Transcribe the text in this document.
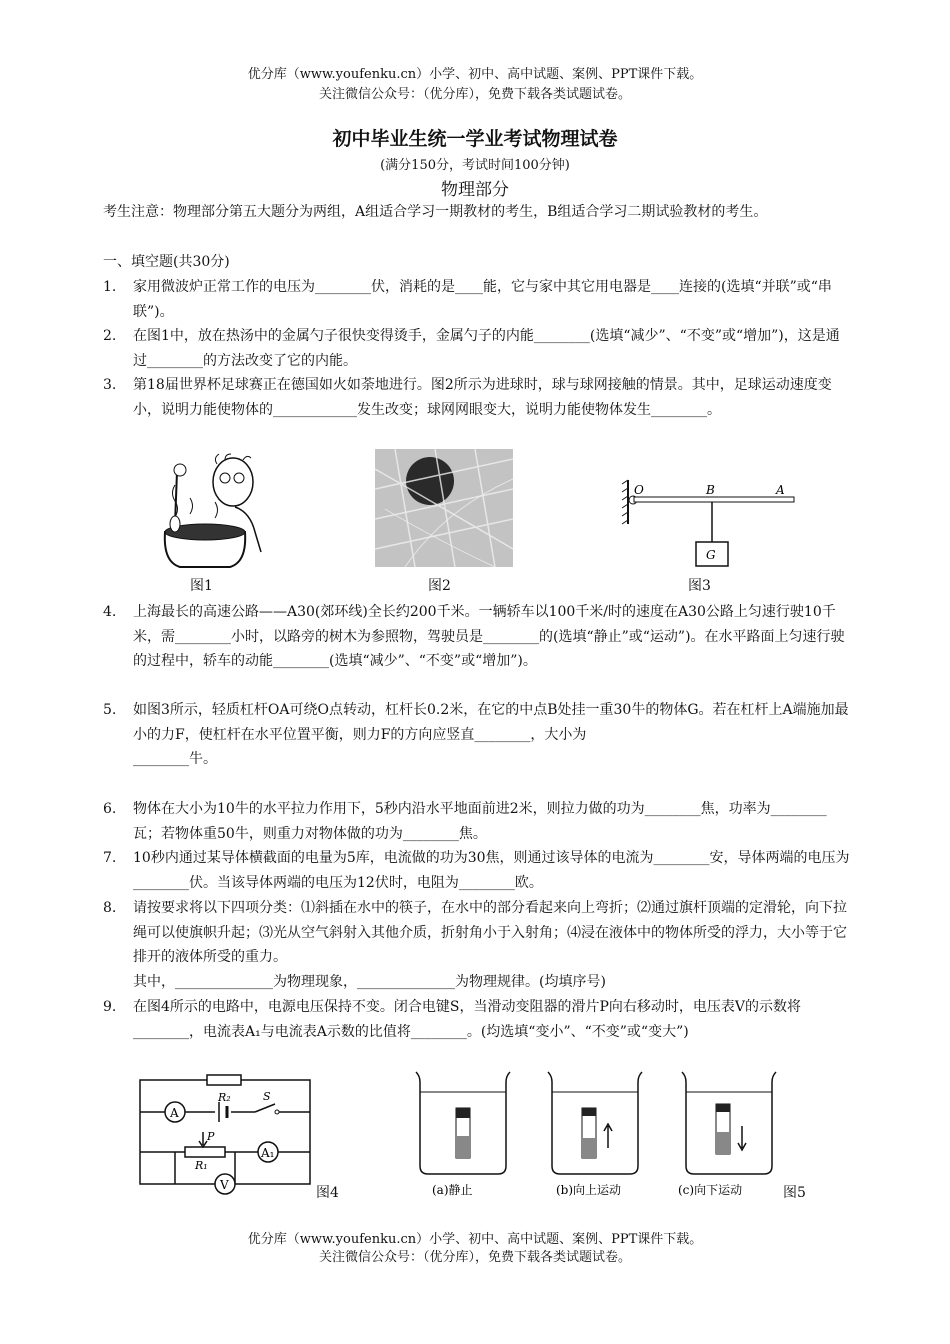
优分库（www.youfenku.cn）小学、初中、高中试题、案例、PPT课件下载。
关注微信公众号：（优分库），免费下载各类试题试卷。
初中毕业生统一学业考试物理试卷
(满分150分，考试时间100分钟)
物理部分
考生注意：物理部分第五大题分为两组，A组适合学习一期教材的考生，B组适合学习二期试验教材的考生。
一、填空题(共30分)
1.	家用微波炉正常工作的电压为________伏，消耗的是____能，它与家中其它用电器是____连接的(选填“并联”或“串联”)。
2.	在图1中，放在热汤中的金属勺子很快变得烫手，金属勺子的内能________(选填“减少”、“不变”或“增加”)，这是通过________的方法改变了它的内能。
3.	第18届世界杯足球赛正在德国如火如荼地进行。图2所示为进球时，球与球网接触的情景。其中，足球运动速度变小，说明力能使物体的____________发生改变；球网网眼变大，说明力能使物体发生________。
O	B	A
G
图1	图2	图3
4.	上海最长的高速公路——A30(郊环线)全长约200千米。一辆轿车以100千米/时的速度在A30公路上匀速行驶10千米，需________小时，以路旁的树木为参照物，驾驶员是________的(选填“静止”或“运动”)。在水平路面上匀速行驶的过程中，轿车的动能________(选填“减少”、“不变”或“增加”)。
5.	如图3所示，轻质杠杆OA可绕O点转动，杠杆长0.2米，在它的中点B处挂一重30牛的物体G。若在杠杆上A端施加最小的力F，使杠杆在水平位置平衡，则力F的方向应竖直________，大小为
________牛。
6.	物体在大小为10牛的水平拉力作用下，5秒内沿水平地面前进2米，则拉力做的功为________焦，功率为________瓦；若物体重50牛，则重力对物体做的功为________焦。
7.	10秒内通过某导体横截面的电量为5库，电流做的功为30焦，则通过该导体的电流为________安，导体两端的电压为________伏。当该导体两端的电压为12伏时，电阻为________欧。
8.	请按要求将以下四项分类：⑴斜插在水中的筷子，在水中的部分看起来向上弯折；⑵通过旗杆顶端的定滑轮，向下拉绳可以使旗帜升起；⑶光从空气斜射入其他介质，折射角小于入射角；⑷浸在液体中的物体所受的浮力，大小等于它排开的液体所受的重力。
其中，______________为物理现象，______________为物理规律。(均填序号)
9.	在图4所示的电路中，电源电压保持不变。闭合电键S，当滑动变阻器的滑片P向右移动时，电压表V的示数将________，电流表A₁与电流表A示数的比值将________。(均选填“变小”、“不变”或“变大”)
R₂
A
S
P
R₁
A₁
V	图4	(a)静止	(b)向上运动	(c)向下运动	图5
优分库（www.youfenku.cn）小学、初中、高中试题、案例、PPT课件下载。
关注微信公众号：（优分库），免费下载各类试题试卷。
